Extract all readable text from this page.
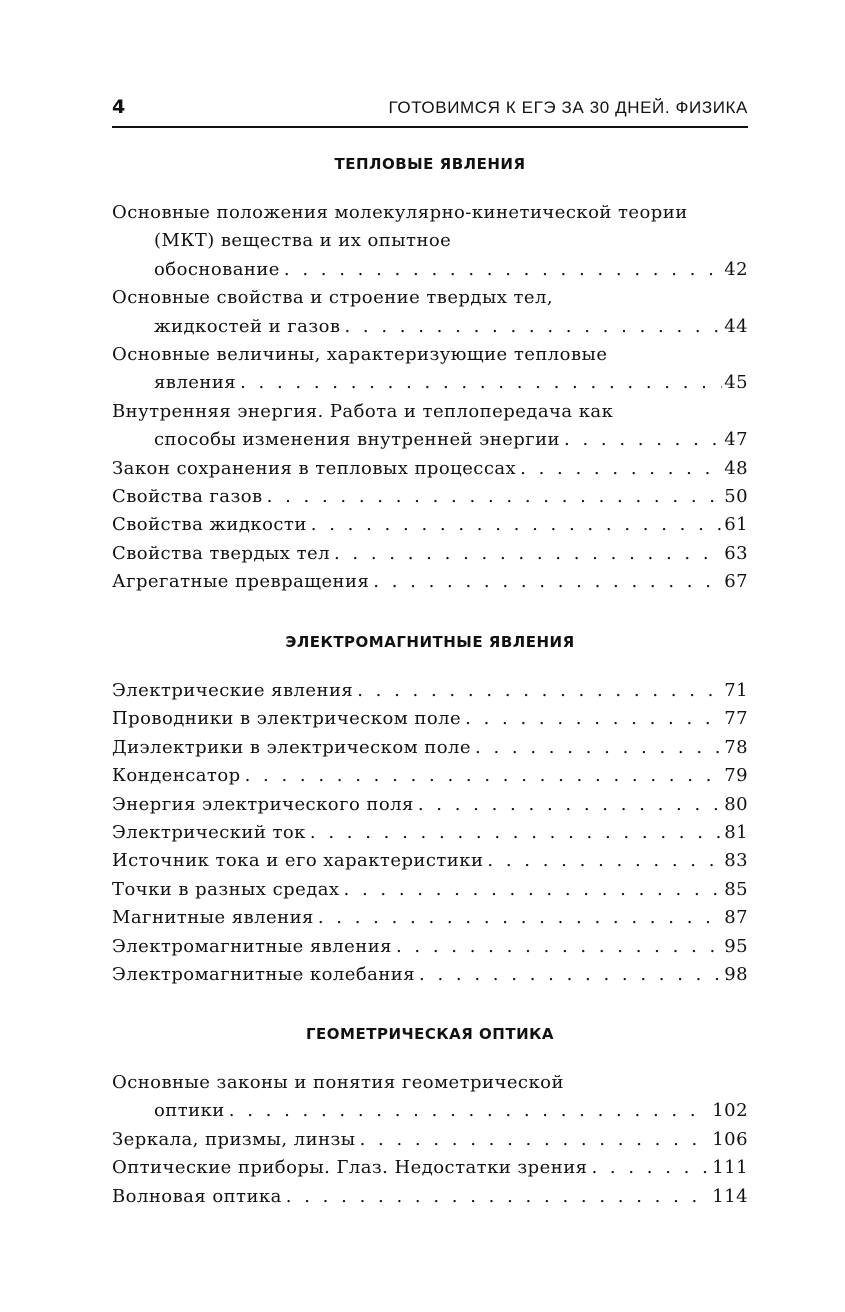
4	ГОТОВИМСЯ К ЕГЭ ЗА 30 ДНЕЙ. ФИЗИКА
ТЕПЛОВЫЕ ЯВЛЕНИЯ
Основные положения молекулярно-кинетической теории
(МКТ) вещества и их опытное
обоснование . . .	42
Основные свойства и строение твердых тел,
жидкостей и газов . . .	44
Основные величины, характеризующие тепловые
явления . . .	45
Внутренняя энергия. Работа и теплопередача как
способы изменения внутренней энергии . . .	47
Закон сохранения в тепловых процессах . . .	48
Свойства газов . . .	50
Свойства жидкости . . .	61
Свойства твердых тел . . .	63
Агрегатные превращения . . .	67
ЭЛЕКТРОМАГНИТНЫЕ ЯВЛЕНИЯ
Электрические явления . . .	71
Проводники в электрическом поле . . .	77
Диэлектрики в электрическом поле . . .	78
Конденсатор . . .	79
Энергия электрического поля . . .	80
Электрический ток . . .	81
Источник тока и его характеристики . . .	83
Точки в разных средах . . .	85
Магнитные явления . . .	87
Электромагнитные явления . . .	95
Электромагнитные колебания . . .	98
ГЕОМЕТРИЧЕСКАЯ ОПТИКА
Основные законы и понятия геометрической
оптики . . .	102
Зеркала, призмы, линзы . . .	106
Оптические приборы. Глаз. Недостатки зрения . . .	111
Волновая оптика . . .	114
